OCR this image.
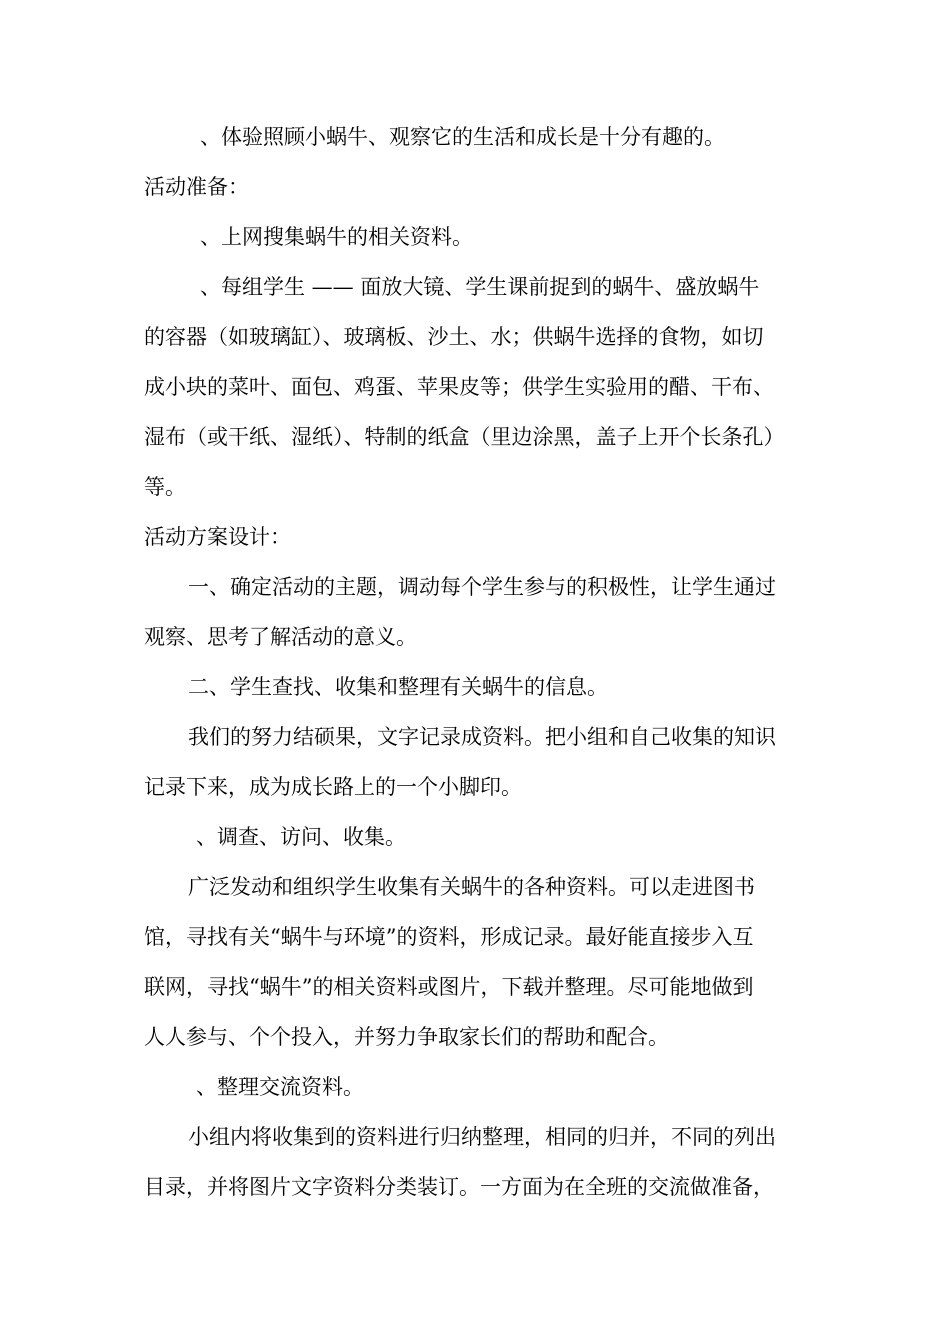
、体验照顾小蜗牛、观察它的生活和成长是十分有趣的。
活动准备：
、上网搜集蜗牛的相关资料。
、每组学生 —— 面放大镜、学生课前捉到的蜗牛、盛放蜗牛
的容器（如玻璃缸）、玻璃板、沙土、水；供蜗牛选择的食物，如切
成小块的菜叶、面包、鸡蛋、苹果皮等；供学生实验用的醋、干布、
湿布（或干纸、湿纸）、特制的纸盒（里边涂黑，盖子上开个长条孔）
等。
活动方案设计：
一、确定活动的主题，调动每个学生参与的积极性，让学生通过
观察、思考了解活动的意义。
二、学生查找、收集和整理有关蜗牛的信息。
我们的努力结硕果，文字记录成资料。把小组和自己收集的知识
记录下来，成为成长路上的一个小脚印。
、调查、访问、收集。
广泛发动和组织学生收集有关蜗牛的各种资料。可以走进图书
馆，寻找有关“蜗牛与环境”的资料，形成记录。最好能直接步入互
联网，寻找“蜗牛”的相关资料或图片，下载并整理。尽可能地做到
人人参与、个个投入，并努力争取家长们的帮助和配合。
、整理交流资料。
小组内将收集到的资料进行归纳整理，相同的归并，不同的列出
目录，并将图片文字资料分类装订。一方面为在全班的交流做准备，
